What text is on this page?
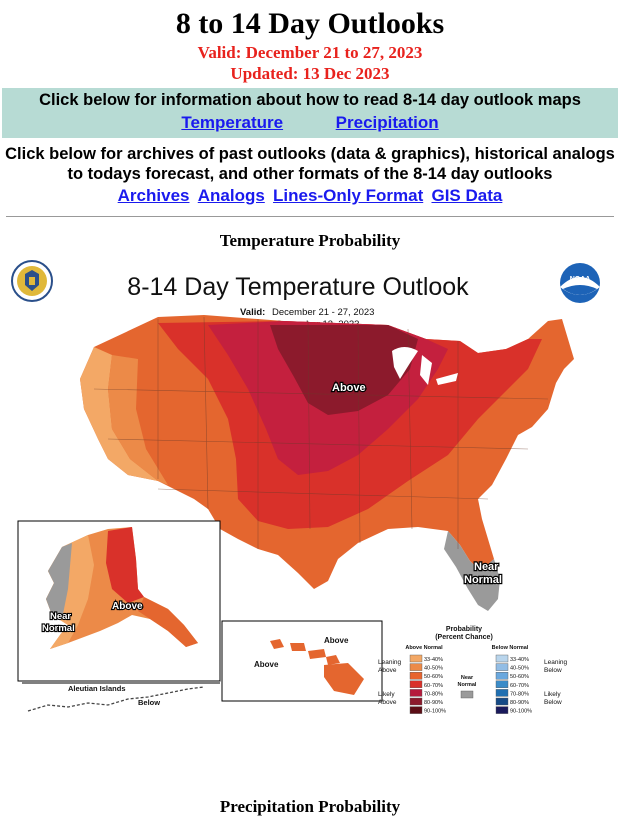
8 to 14 Day Outlooks
Valid: December 21 to 27, 2023
Updated: 13 Dec 2023
Click below for information about how to read 8-14 day outlook maps
Temperature	Precipitation
Click below for archives of past outlooks (data & graphics), historical analogs to todays forecast, and other formats of the 8-14 day outlooks
Archives Analogs Lines-Only Format GIS Data
Temperature Probability
NOAA
8-14 Day Temperature Outlook
Valid: December 21 - 27, 2023
Above
Near
Normal
Above
Near
Normal
Aleutian Islands
Below
Above
Above
Probability
(Percent Chance)
Above Normal	Below Normal
Leaning
Above
Likely
Above
Leaning
Below
Likely
Below
Near
Normal
33-40%
40-50%
50-60%
60-70%
70-80%
80-90%
90-100%
33-40%
40-50%
50-60%
60-70%
70-80%
80-90%
90-100%
Precipitation Probability
